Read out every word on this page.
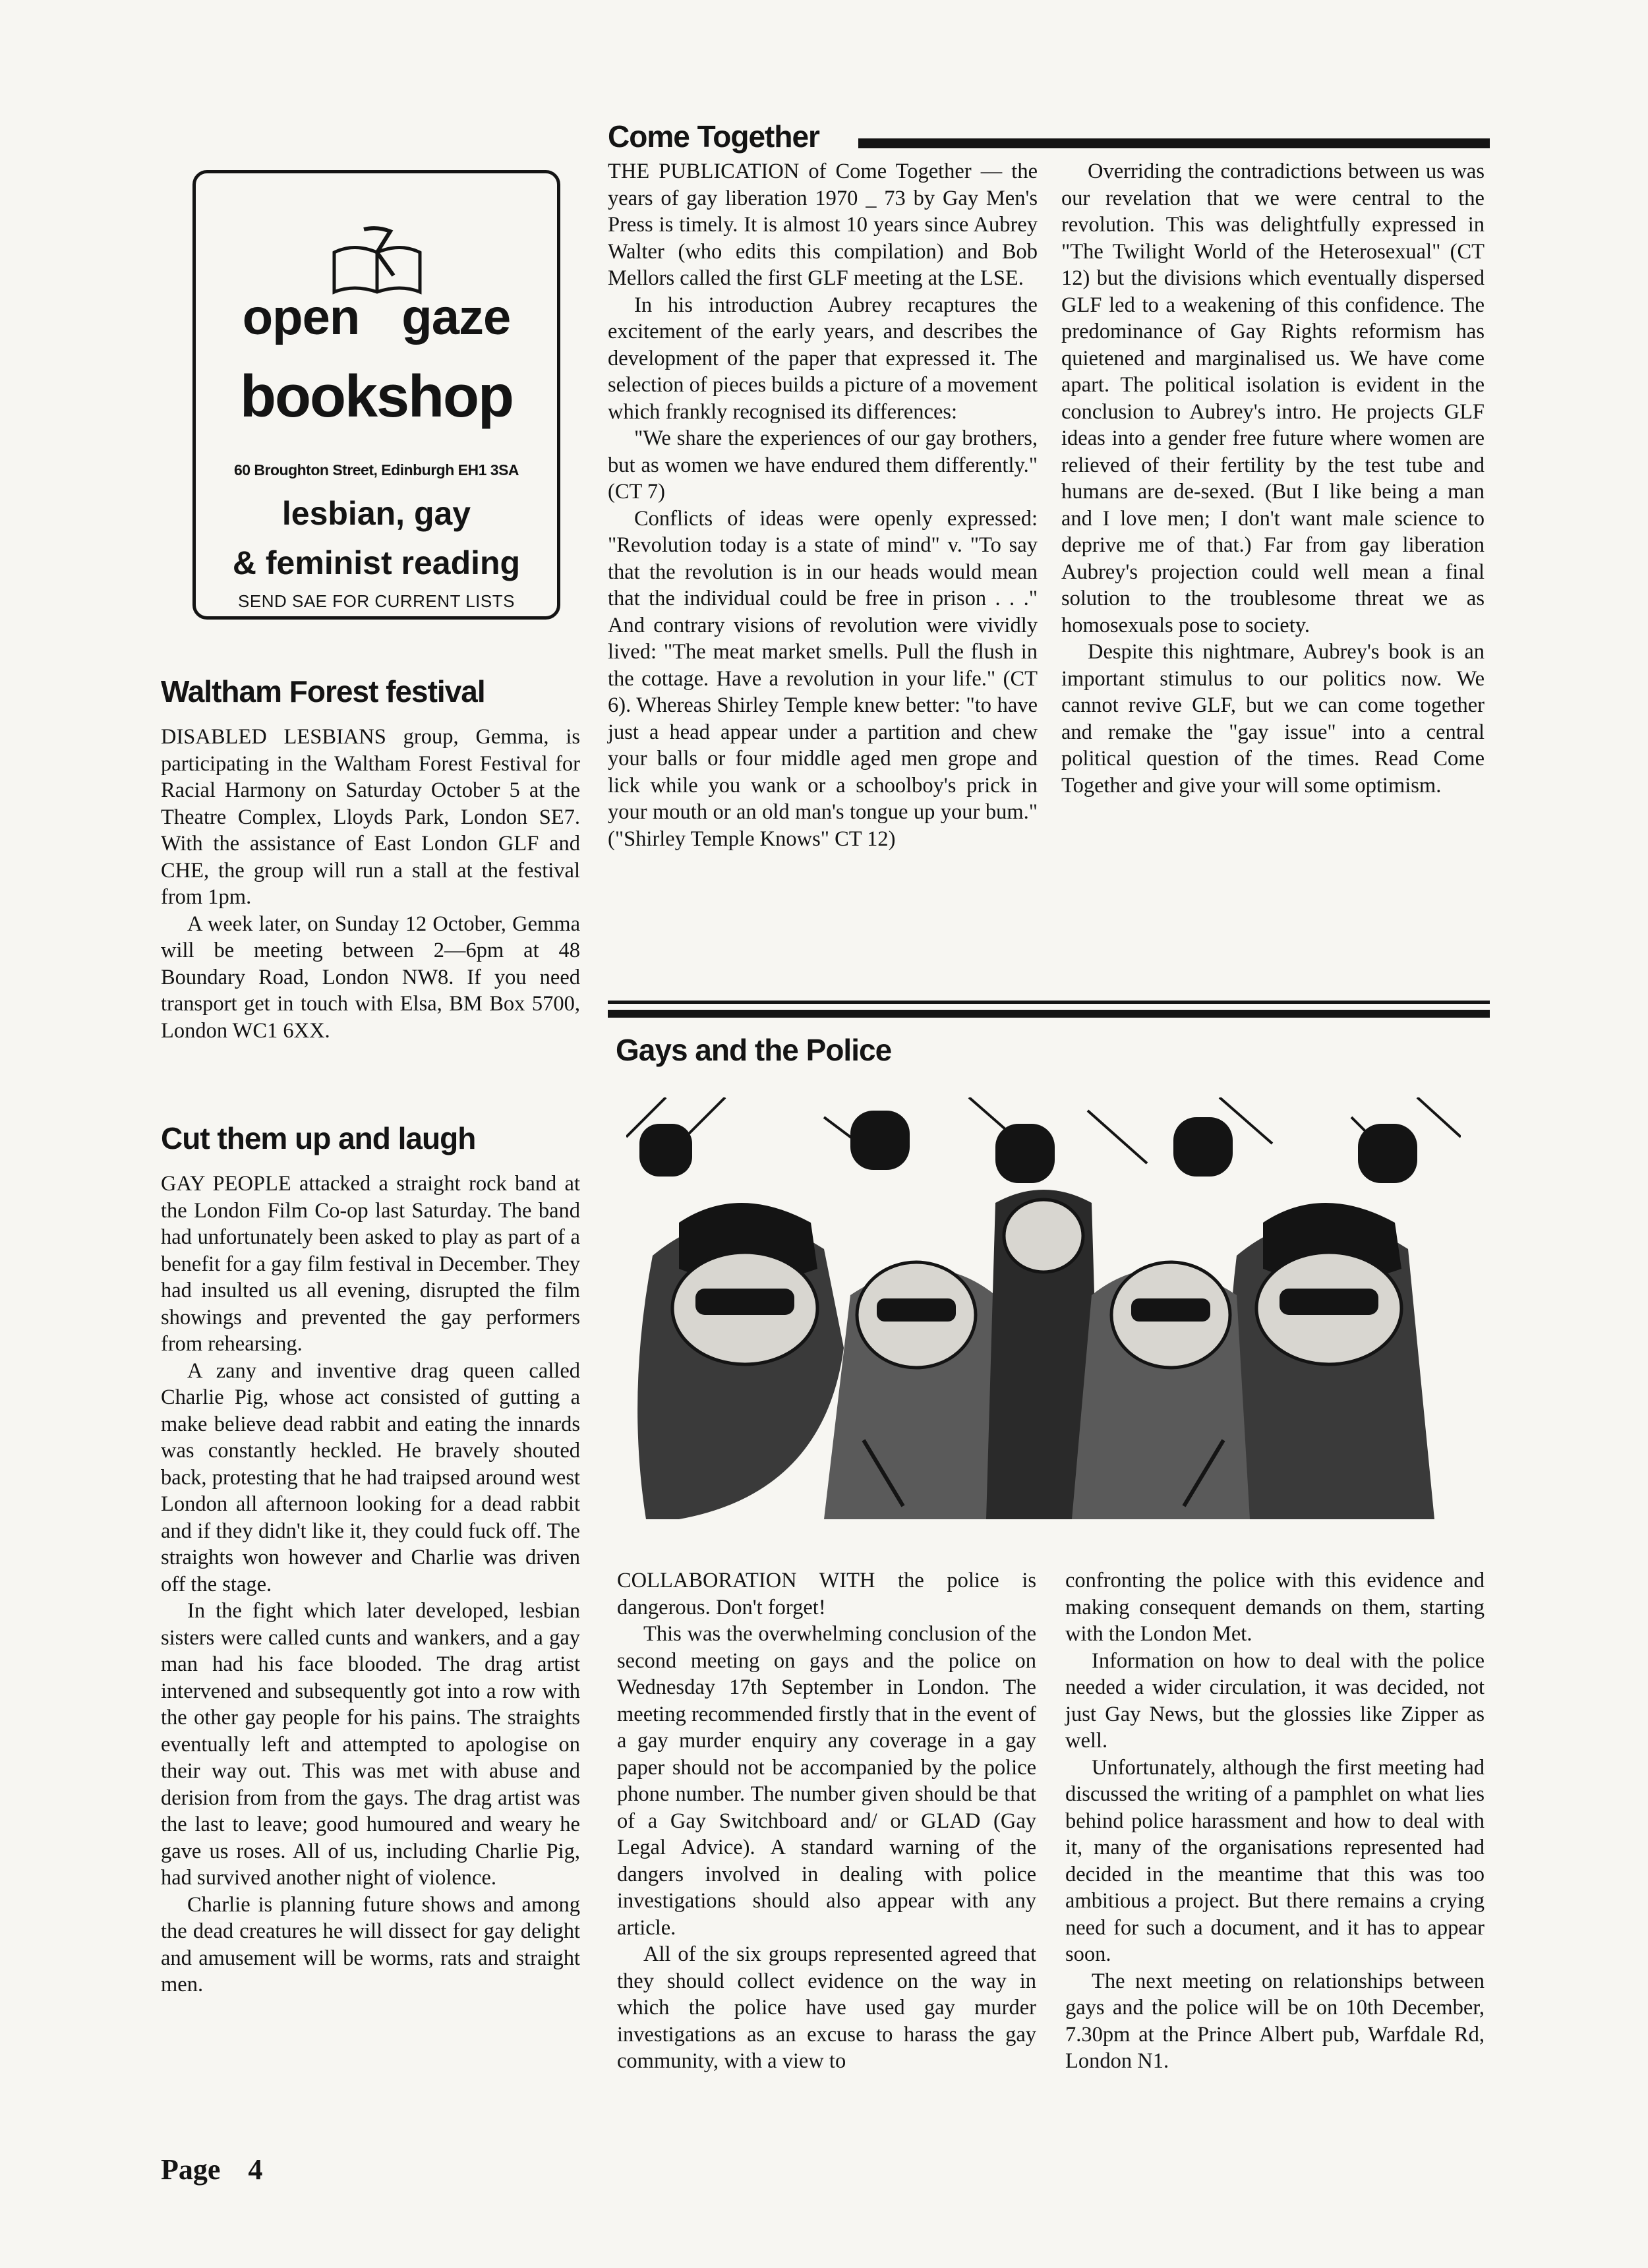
open gaze
bookshop
60 Broughton Street, Edinburgh EH1 3SA
lesbian, gay
& feminist reading
SEND SAE FOR CURRENT LISTS
Waltham Forest festival

DISABLED LESBIANS group, Gemma, is participating in the Waltham Forest Festival for Racial Harmony on Saturday October 5 at the Theatre Complex, Lloyds Park, London SE7. With the assistance of East London GLF and CHE, the group will run a stall at the festival from 1pm.

A week later, on Sunday 12 October, Gemma will be meeting between 2—6pm at 48 Boundary Road, London NW8. If you need transport get in touch with Elsa, BM Box 5700, London WC1 6XX.

Cut them up and laugh

GAY PEOPLE attacked a straight rock band at the London Film Co-op last Saturday. The band had unfortunately been asked to play as part of a benefit for a gay film festival in December. They had insulted us all evening, disrupted the film showings and prevented the gay performers from rehearsing.

A zany and inventive drag queen called Charlie Pig, whose act consisted of gutting a make believe dead rabbit and eating the innards was constantly heckled. He bravely shouted back, protesting that he had traipsed around west London all afternoon looking for a dead rabbit and if they didn't like it, they could fuck off. The straights won however and Charlie was driven off the stage.

In the fight which later developed, lesbian sisters were called cunts and wankers, and a gay man had his face blooded. The drag artist intervened and subsequently got into a row with the other gay people for his pains. The straights eventually left and attempted to apologise on their way out. This was met with abuse and derision from from the gays. The drag artist was the last to leave; good humoured and weary he gave us roses. All of us, including Charlie Pig, had survived another night of violence.

Charlie is planning future shows and among the dead creatures he will dissect for gay delight and amusement will be worms, rats and straight men.

Come Together

THE PUBLICATION of Come Together — the years of gay liberation 1970 _ 73 by Gay Men's Press is timely. It is almost 10 years since Aubrey Walter (who edits this compilation) and Bob Mellors called the first GLF meeting at the LSE.

In his introduction Aubrey recaptures the excitement of the early years, and describes the development of the paper that expressed it. The selection of pieces builds a picture of a movement which frankly recognised its differences:

"We share the experiences of our gay brothers, but as women we have endured them differently." (CT 7)

Conflicts of ideas were openly expressed: "Revolution today is a state of mind" v. "To say that the revolution is in our heads would mean that the individual could be free in prison . . ." And contrary visions of revolution were vividly lived: "The meat market smells. Pull the flush in the cottage. Have a revolution in your life." (CT 6). Whereas Shirley Temple knew better: "to have just a head appear under a partition and chew your balls or four middle aged men grope and lick while you wank or a schoolboy's prick in your mouth or an old man's tongue up your bum." ("Shirley Temple Knows" CT 12)

Overriding the contradictions between us was our revelation that we were central to the revolution. This was delightfully expressed in "The Twilight World of the Heterosexual" (CT 12) but the divisions which eventually dispersed GLF led to a weakening of this confidence. The predominance of Gay Rights reformism has quietened and marginalised us. We have come apart. The political isolation is evident in the conclusion to Aubrey's intro. He projects GLF ideas into a gender free future where women are relieved of their fertility by the test tube and humans are de-sexed. (But I like being a man and I love men; I don't want male science to deprive me of that.) Far from gay liberation Aubrey's projection could well mean a final solution to the troublesome threat we as homosexuals pose to society.

Despite this nightmare, Aubrey's book is an important stimulus to our politics now. We cannot revive GLF, but we can come together and remake the "gay issue" into a central political question of the times. Read Come Together and give your will some optimism.

Gays and the Police

COLLABORATION WITH the police is dangerous. Don't forget!

This was the overwhelming conclusion of the second meeting on gays and the police on Wednesday 17th September in London. The meeting recommended firstly that in the event of a gay murder enquiry any coverage in a gay paper should not be accompanied by the police phone number. The number given should be that of a Gay Switchboard and/ or GLAD (Gay Legal Advice). A standard warning of the dangers involved in dealing with police investigations should also appear with any article.

All of the six groups represented agreed that they should collect evidence on the way in which the police have used gay murder investigations as an excuse to harass the gay community, with a view to

confronting the police with this evidence and making consequent demands on them, starting with the London Met.

Information on how to deal with the police needed a wider circulation, it was decided, not just Gay News, but the glossies like Zipper as well.

Unfortunately, although the first meeting had discussed the writing of a pamphlet on what lies behind police harassment and how to deal with it, many of the organisations represented had decided in the meantime that this was too ambitious a project. But there remains a crying need for such a document, and it has to appear soon.

The next meeting on relationships between gays and the police will be on 10th December, 7.30pm at the Prince Albert pub, Warfdale Rd, London N1.

Page 4
